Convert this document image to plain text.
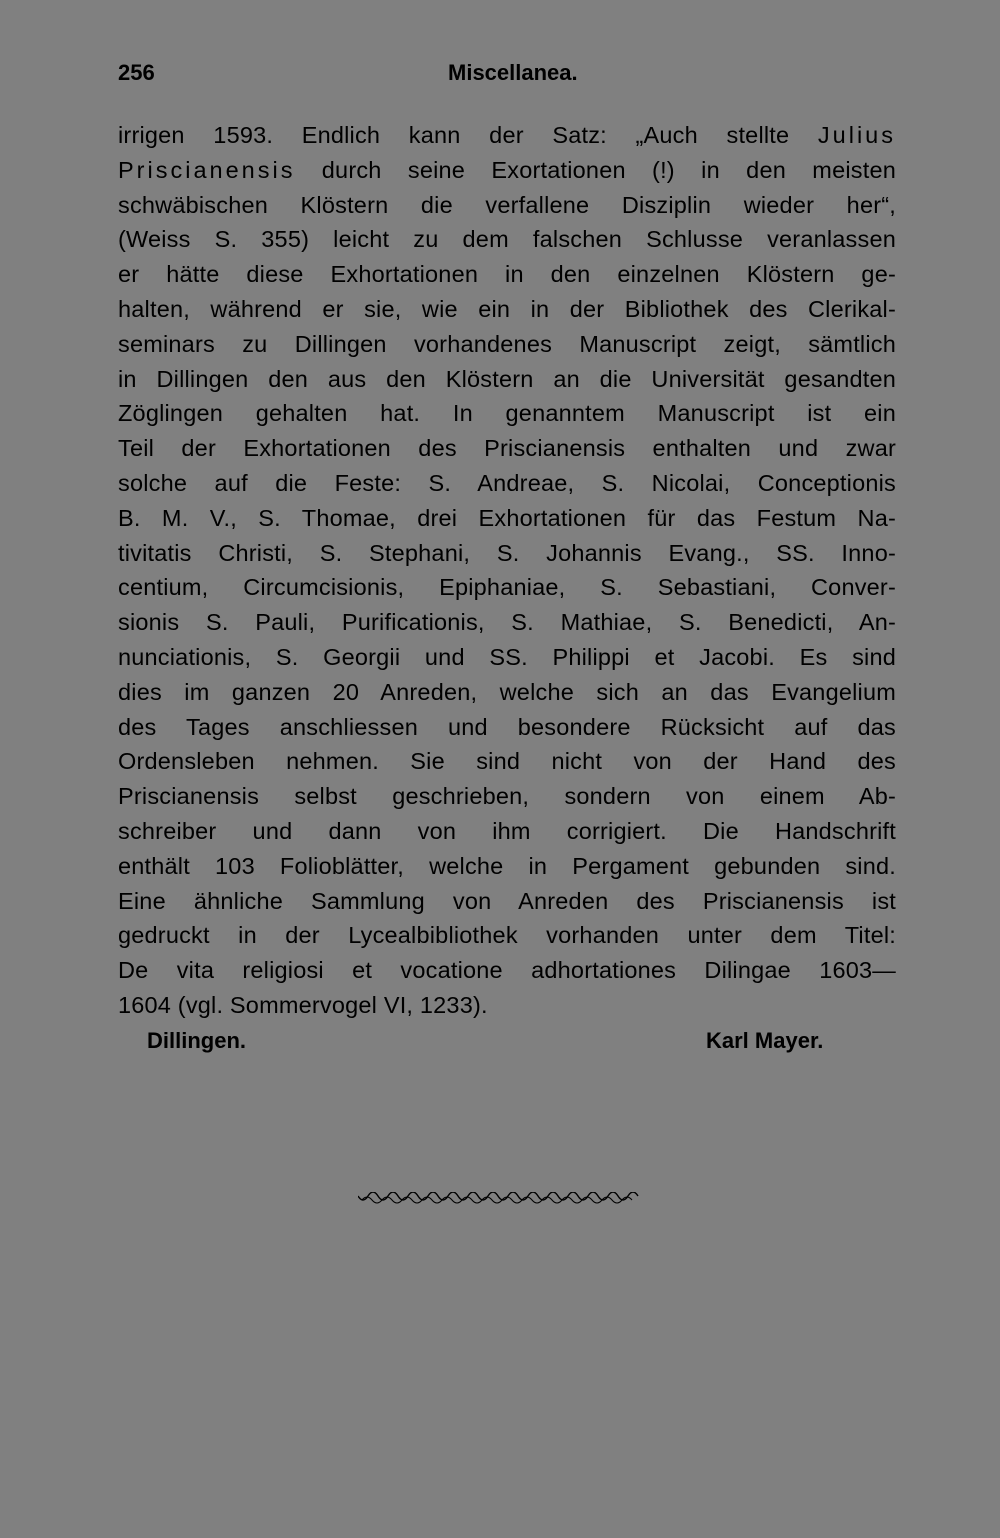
256	Miscellanea.
irrigen 1593. Endlich kann der Satz: „Auch stellte Julius
Priscianensis durch seine Exortationen (!) in den meisten
schwäbischen Klöstern die verfallene Disziplin wieder her“,
(Weiss S. 355) leicht zu dem falschen Schlusse veranlassen
er hätte diese Exhortationen in den einzelnen Klöstern ge-
halten, während er sie, wie ein in der Bibliothek des Clerikal-
seminars zu Dillingen vorhandenes Manuscript zeigt, sämtlich
in Dillingen den aus den Klöstern an die Universität gesandten
Zöglingen gehalten hat. In genanntem Manuscript ist ein
Teil der Exhortationen des Priscianensis enthalten und zwar
solche auf die Feste: S. Andreae, S. Nicolai, Conceptionis
B. M. V., S. Thomae, drei Exhortationen für das Festum Na-
tivitatis Christi, S. Stephani, S. Johannis Evang., SS. Inno-
centium, Circumcisionis, Epiphaniae, S. Sebastiani, Conver-
sionis S. Pauli, Purificationis, S. Mathiae, S. Benedicti, An-
nunciationis, S. Georgii und SS. Philippi et Jacobi. Es sind
dies im ganzen 20 Anreden, welche sich an das Evangelium
des Tages anschliessen und besondere Rücksicht auf das
Ordensleben nehmen. Sie sind nicht von der Hand des
Priscianensis selbst geschrieben, sondern von einem Ab-
schreiber und dann von ihm corrigiert. Die Handschrift
enthält 103 Folioblätter, welche in Pergament gebunden sind.
Eine ähnliche Sammlung von Anreden des Priscianensis ist
gedruckt in der Lycealbibliothek vorhanden unter dem Titel:
De vita religiosi et vocatione adhortationes Dilingae 1603—
1604 (vgl. Sommervogel VI, 1233).
Dillingen.	Karl Mayer.
